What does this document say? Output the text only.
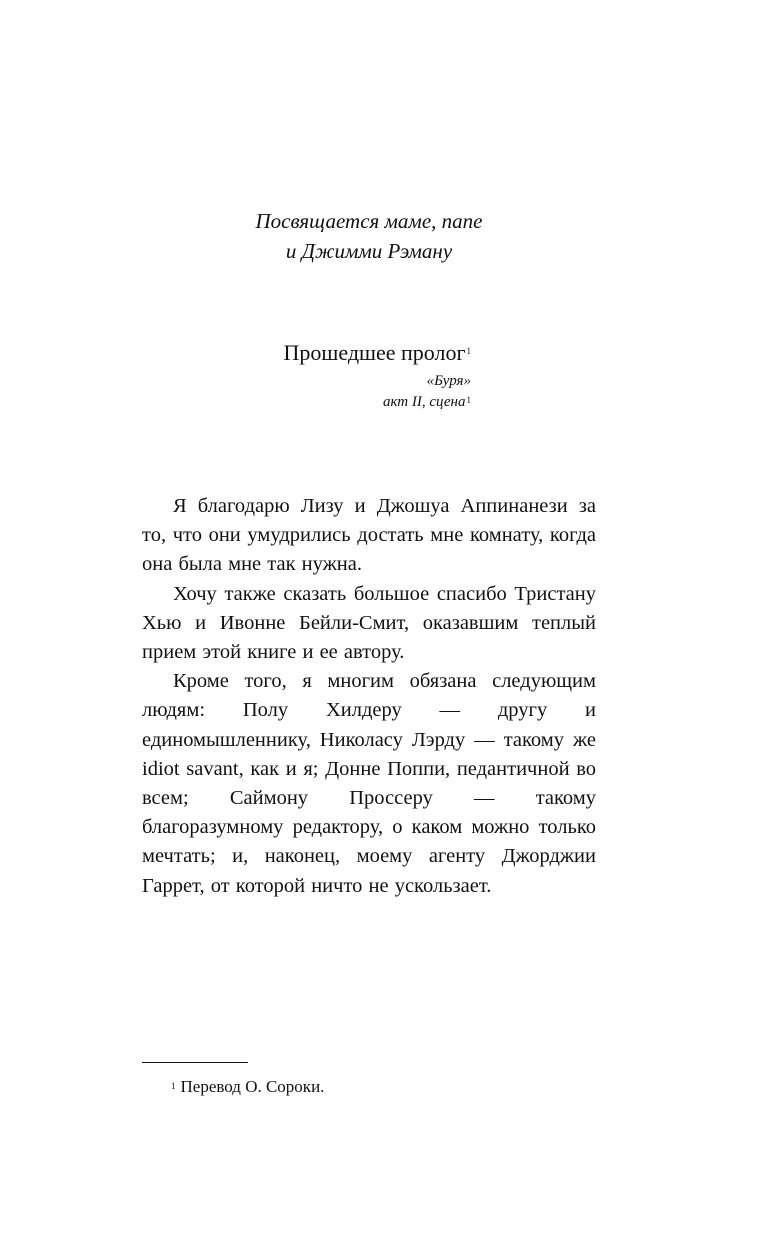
Посвящается маме, папе
и Джимми Рэману
Прошедшее пролог$^1$
«Буря»
акт II, сцена$^1$

Я благодарю Лизу и Джошуа Аппинанези за то, что они умудрились достать мне комнату, когда она была мне так нужна.

Хочу также сказать большое спасибо Тристану Хью и Ивонне Бейли-Смит, оказавшим теплый прием этой книге и ее автору.

Кроме того, я многим обязана следующим людям: Полу Хилдеру — другу и единомышленнику, Николасу Лэрду — такому же idiot savant, как и я; Донне Поппи, педантичной во всем; Саймону Проссеру — такому благоразумному редактору, о каком можно только мечтать; и, наконец, моему агенту Джорджии Гаррет, от которой ничто не ускользает.

$^1$ Перевод О. Сороки.
